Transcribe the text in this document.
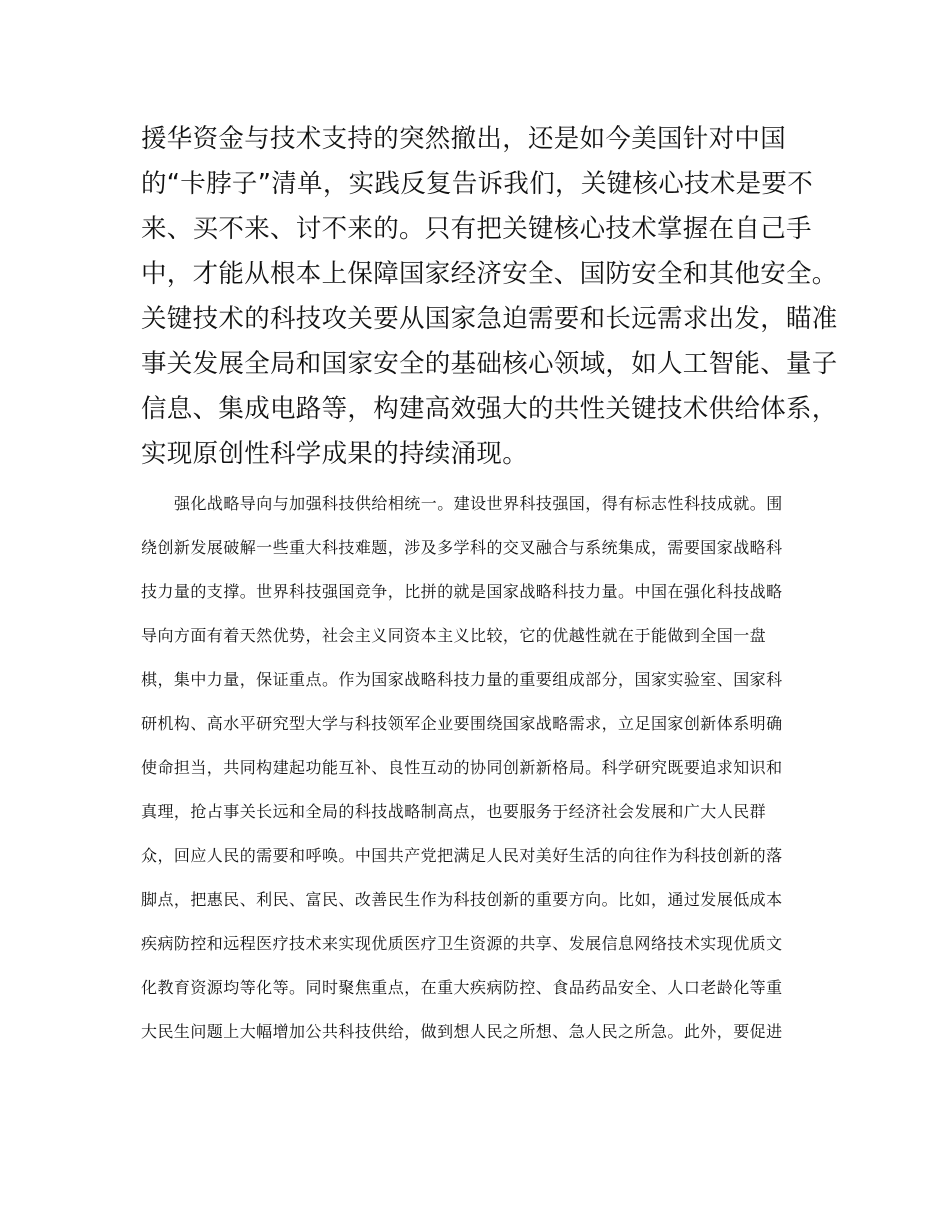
援华资金与技术支持的突然撤出，还是如今美国针对中国
的“卡脖子”清单，实践反复告诉我们，关键核心技术是要不
来、买不来、讨不来的。只有把关键核心技术掌握在自己手
中，才能从根本上保障国家经济安全、国防安全和其他安全。
关键技术的科技攻关要从国家急迫需要和长远需求出发，瞄准
事关发展全局和国家安全的基础核心领域，如人工智能、量子
信息、集成电路等，构建高效强大的共性关键技术供给体系，
实现原创性科学成果的持续涌现。
强化战略导向与加强科技供给相统一。建设世界科技强国，得有标志性科技成就。围
绕创新发展破解一些重大科技难题，涉及多学科的交叉融合与系统集成，需要国家战略科
技力量的支撑。世界科技强国竞争，比拼的就是国家战略科技力量。中国在强化科技战略
导向方面有着天然优势，社会主义同资本主义比较，它的优越性就在于能做到全国一盘
棋，集中力量，保证重点。作为国家战略科技力量的重要组成部分，国家实验室、国家科
研机构、高水平研究型大学与科技领军企业要围绕国家战略需求，立足国家创新体系明确
使命担当，共同构建起功能互补、良性互动的协同创新新格局。科学研究既要追求知识和
真理，抢占事关长远和全局的科技战略制高点，也要服务于经济社会发展和广大人民群
众，回应人民的需要和呼唤。中国共产党把满足人民对美好生活的向往作为科技创新的落
脚点，把惠民、利民、富民、改善民生作为科技创新的重要方向。比如，通过发展低成本
疾病防控和远程医疗技术来实现优质医疗卫生资源的共享、发展信息网络技术实现优质文
化教育资源均等化等。同时聚焦重点，在重大疾病防控、食品药品安全、人口老龄化等重
大民生问题上大幅增加公共科技供给，做到想人民之所想、急人民之所急。此外，要促进
